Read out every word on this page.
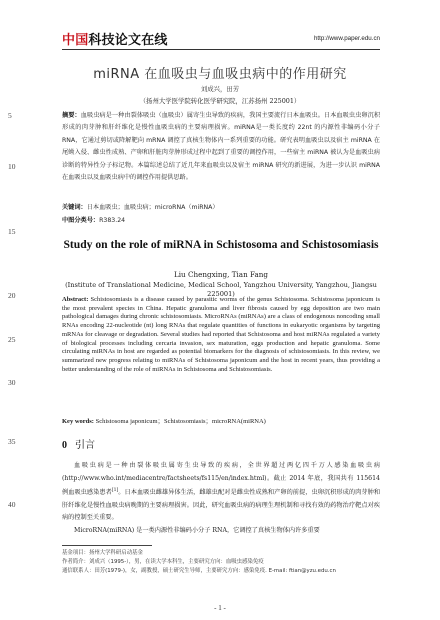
中国科技论文在线	http://www.paper.edu.cn
5
10
15
20
25
30
35
40
miRNA 在血吸虫与血吸虫病中的作用研究
刘成兴，田芳
（扬州大学医学院转化医学研究院，江苏扬州 225001）
摘要：血吸虫病是一种由裂体吸虫（血吸虫）属寄生虫导致的疾病，我国主要流行日本血吸虫。日本血吸虫虫卵沉积形成的肉芽肿和肝纤维化是慢性血吸虫病的主要病理损害。miRNA是一类长度约 22nt 的内源性非编码小分子 RNA，它通过剪切或降解靶向 mRNA 调控了真核生物体内一系列重要的功能。研究表明血吸虫以及宿主 miRNA 在尾蚴入侵、雌虫性成熟、产卵和肝脏肉芽肿形成过程中起到了重要的调控作用，一些宿主 miRNA 被认为是血吸虫病诊断的特异性分子标记物。本篇综述总结了近几年来血吸虫以及宿主 miRNA 研究的新进展，为进一步认识 miRNA 在血吸虫以及血吸虫病中的调控作用提供思路。
关键词：日本血吸虫；血吸虫病；microRNA（miRNA）
中图分类号：R383.24
Study on the role of miRNA in Schistosoma and Schistosomiasis
Liu Chengxing, Tian Fang
(Institute of Translational Medicine, Medical School, Yangzhou University, Yangzhou, Jiangsu 225001)
Abstract: Schistosomiasis is a disease caused by parasitic worms of the genus Schistosoma. Schistosoma japonicum is the most prevalent species in China. Hepatic granuloma and liver fibrosis caused by egg deposition are two main pathological damages during chronic schistosomiasis. MicroRNAs (miRNAs) are a class of endogenous noncoding small RNAs encoding 22-nucleotide (nt) long RNAs that regulate quantities of functions in eukaryotic organisms by targeting mRNAs for cleavage or degradation. Several studies had reported that Schistosoma and host miRNAs regulated a variety of biological processes including cercaria invasion, sex maturation, eggs production and hepatic granuloma. Some circulating miRNAs in host are regarded as potential biomarkers for the diagnosis of schistosomiasis. In this review, we summarized new progress relating to miRNAs of Schistosoma japonicum and the host in recent years, thus providing a better understanding of the role of miRNAs in Schistosoma and Schistosomiasis.
Key words: Schistosoma japonicum；Schistosomiasis；microRNA(miRNA)
0 引言
血吸虫病是一种由裂体吸虫属寄生虫导致的疾病，全世界超过两亿四千万人感染血吸虫病(http://www.who.int/mediacentre/factsheets/fs115/en/index.html)。截止 2014 年底，我国共有 115614 例血吸虫感染患者[1]。日本血吸虫雌雄异体生活，雌雄虫配对是雌虫性成熟和产卵的前提，虫卵沉积形成的肉芽肿和肝纤维化是慢性血吸虫病晚期的主要病理损害。因此，研究血吸虫病的病理生理机制和寻找有效的药物治疗靶点对疾病的控制至关重要。
MicroRNA(miRNA) 是一类内源性非编码小分子 RNA，它调控了真核生物体内许多重要
基金项目：扬州大学科研启动基金
作者简介：刘成兴（1995-），男，在读大学本科生，主要研究方向：血吸虫感染免疫
通信联系人：田芳(1979-)，女，副教授，硕士研究生导师，主要研究方向：感染免疫. E-mail: ftian@yzu.edu.cn
- 1 -
